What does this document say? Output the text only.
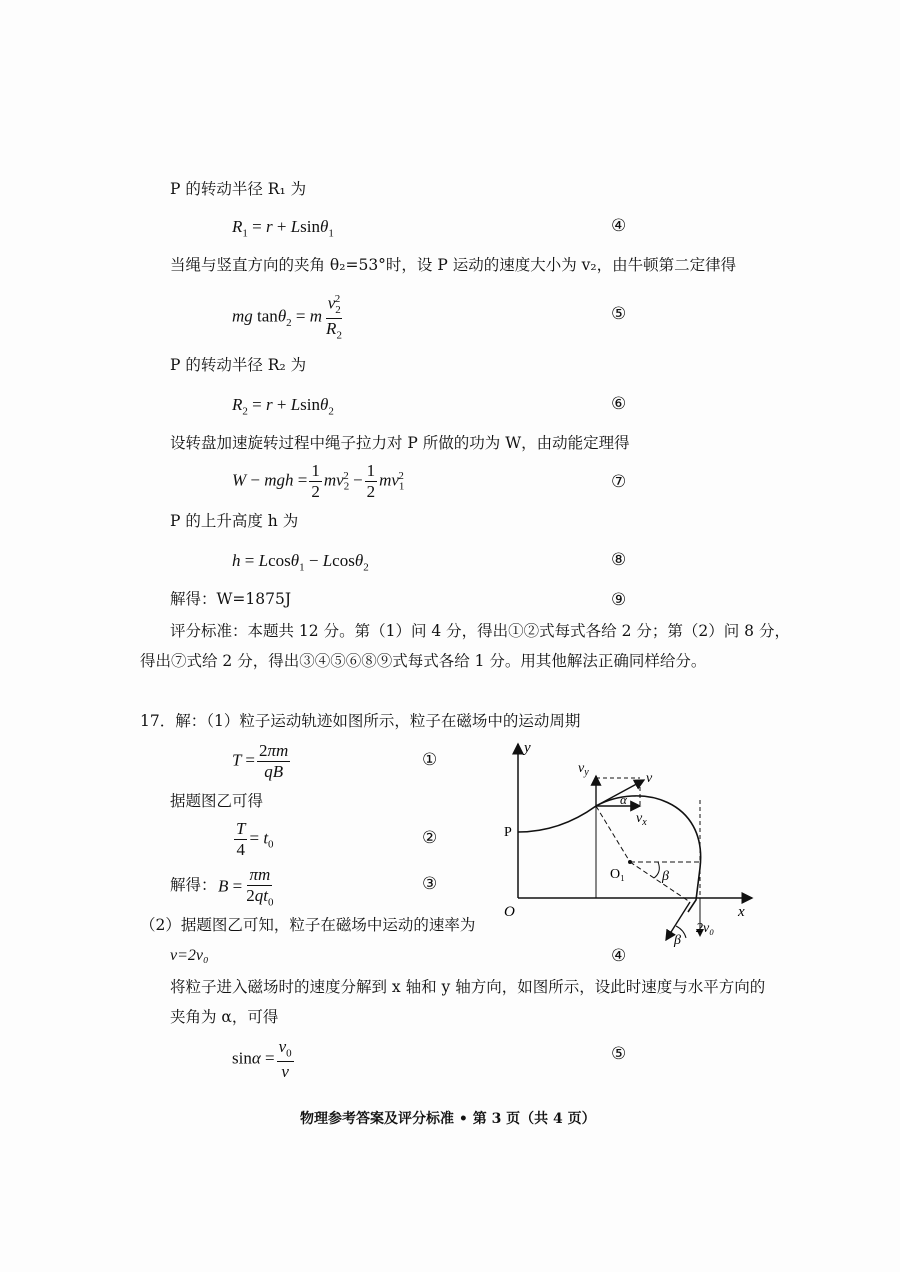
P 的转动半径 R₁ 为
$R_1 = r + Lsin\theta_1$	④
当绳与竖直方向的夹角 θ₂=53°时，设 P 运动的速度大小为 v₂，由牛顿第二定律得
mg tanθ$_2$ = m $\frac{v_2^2}{R_2}$	⑤
P 的转动半径 R₂ 为
$R_2 = r + Lsin\theta_2$	⑥
设转盘加速旋转过程中绳子拉力对 P 所做的功为 W，由动能定理得
W − mgh = $\frac{1}{2} mv_2^2 - \frac{1}{2} mv_1^2$	⑦
P 的上升高度 h 为
h = Lcosθ$_1$ − Lcosθ$_2$	⑧
解得：W=1875J	⑨
评分标准：本题共 12 分。第（1）问 4 分，得出①②式每式各给 2 分；第（2）问 8 分，
得出⑦式给 2 分，得出③④⑤⑥⑧⑨式每式各给 1 分。用其他解法正确同样给分。
17．解：（1）粒子运动轨迹如图所示，粒子在磁场中的运动周期
$T = \frac{2\pi m}{qB}$	①
据题图乙可得
$\frac{T}{4} = t_0$	②
解得： $B = \frac{\pi m}{2qt_0}$	③
（2）据题图乙可知，粒子在磁场中运动的速率为
v=2v₀	④
将粒子进入磁场时的速度分解到 x 轴和 y 轴方向，如图所示，设此时速度与水平方向的
夹角为 α，可得
$\sin\alpha = \frac{v_0}{v}$	⑤
y
x
O
P
$v_y$	v
$v_x$
α
O₁	β
2v₀
β
物理参考答案及评分标准 • 第 3 页（共 4 页）
